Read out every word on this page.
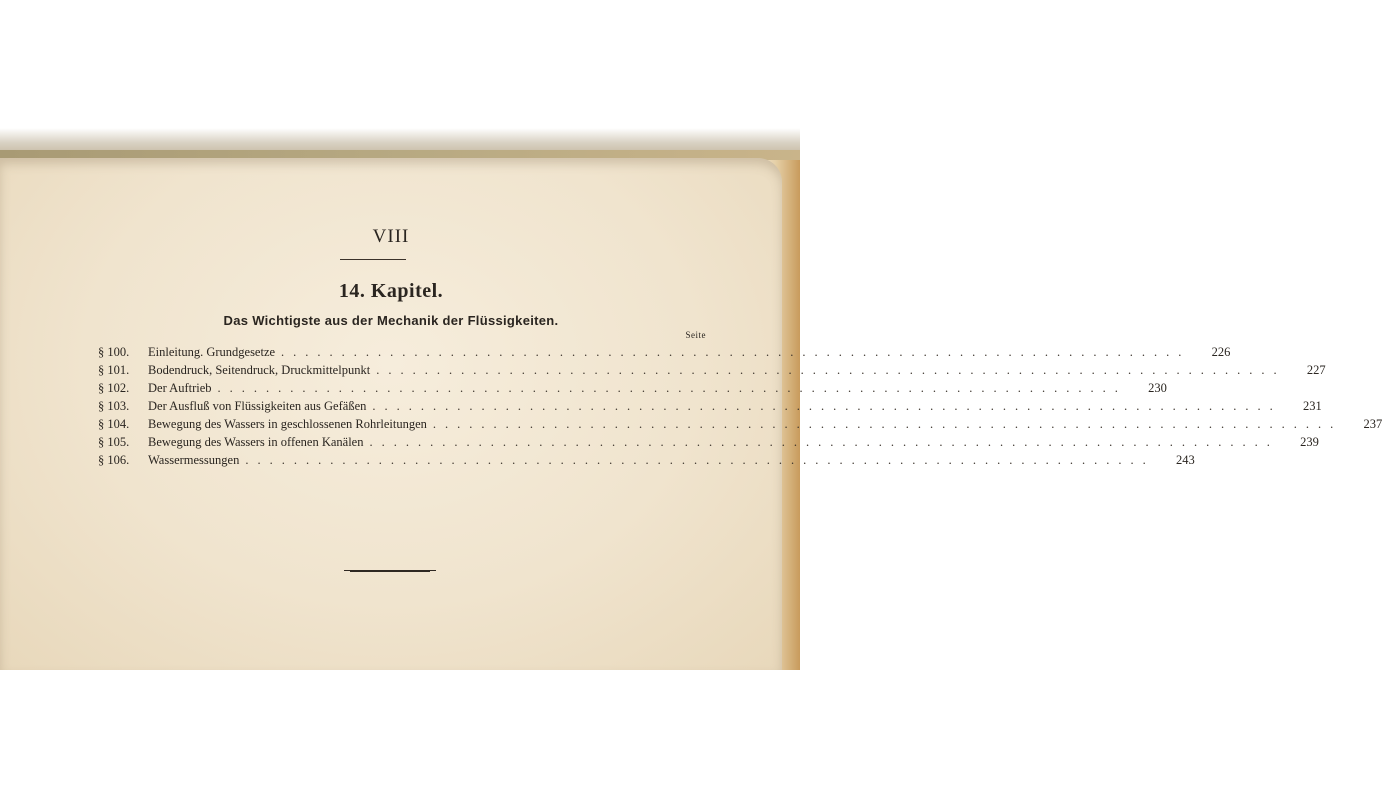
VIII
14. Kapitel.
Das Wichtigste aus der Mechanik der Flüssigkeiten.
Seite
§ 100.	Einleitung. Grundgesetze ...........................................................................	226
§ 101.	Bodendruck, Seitendruck, Druckmittelpunkt ...........................................................................	227
§ 102.	Der Auftrieb ...........................................................................	230
§ 103.	Der Ausfluß von Flüssigkeiten aus Gefäßen ...........................................................................	231
§ 104.	Bewegung des Wassers in geschlossenen Rohrleitungen ...........................................................................	237
§ 105.	Bewegung des Wassers in offenen Kanälen ...........................................................................	239
§ 106.	Wassermessungen ...........................................................................	243
